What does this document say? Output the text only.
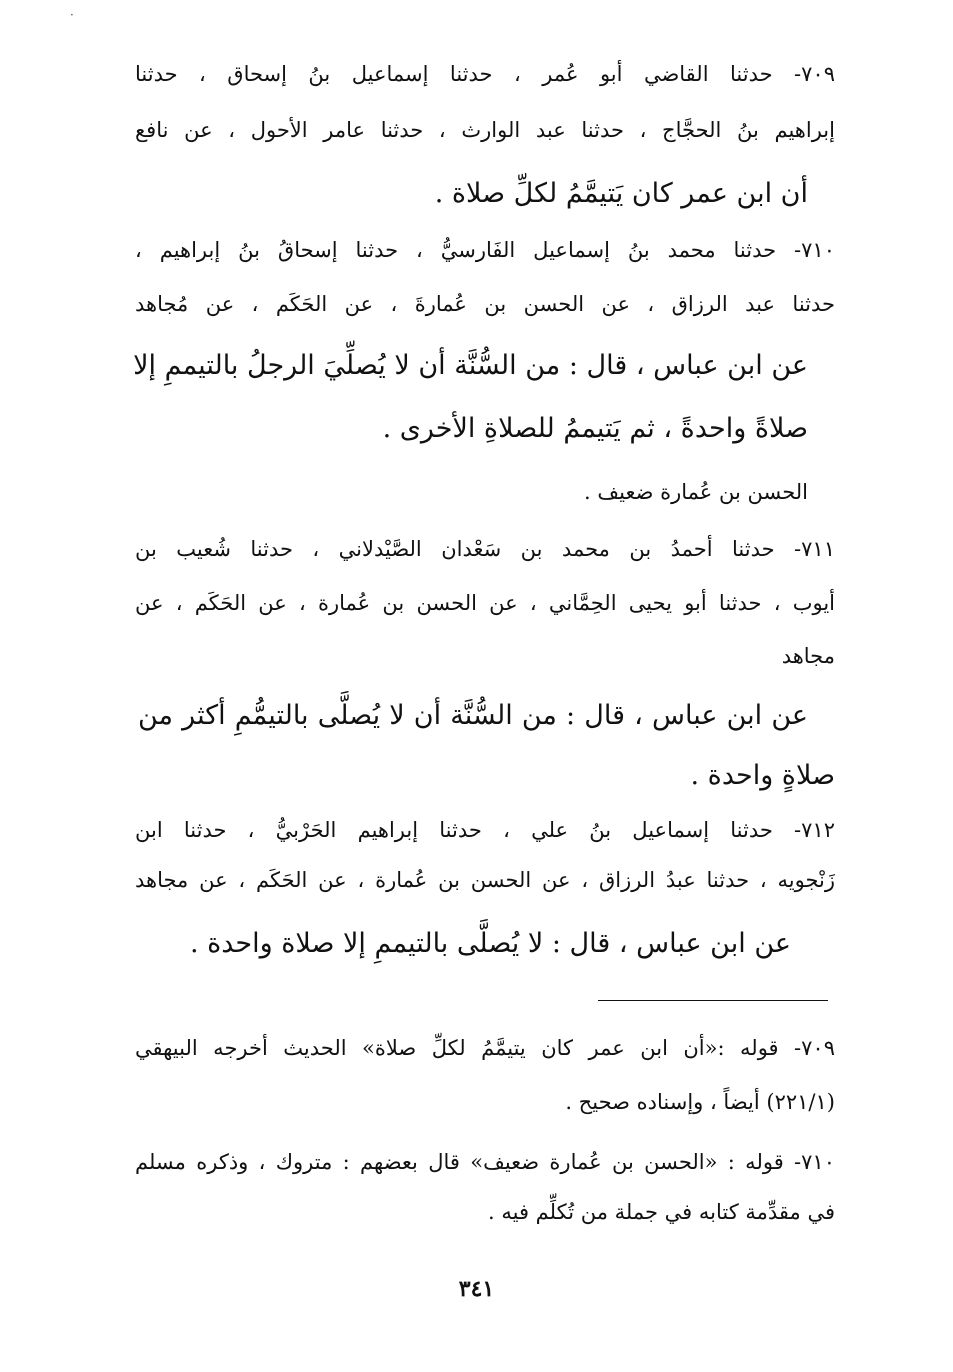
·
٧٠٩- حدثنا القاضي أبو عُمر ، حدثنا إسماعيل بنُ إسحاق ، حدثنا
إبراهيم بنُ الحجَّاج ، حدثنا عبد الوارث ، حدثنا عامر الأحول ، عن نافع
أن ابن عمر كان يَتيمَّمُ لكلِّ صلاة .
٧١٠- حدثنا محمد بنُ إسماعيل الفَارسيُّ ، حدثنا إسحاقُ بنُ إبراهيم ،
حدثنا عبد الرزاق ، عن الحسن بن عُمارةَ ، عن الحَكَم ، عن مُجاهد
عن ابن عباس ، قال : من السُّنَّة أن لا يُصلِّيَ الرجلُ بالتيممِ إلا
صلاةً واحدةً ، ثم يَتيممُ للصلاةِ الأخرى .
الحسن بن عُمارة ضعيف .
٧١١- حدثنا أحمدُ بن محمد بن سَعْدان الصَّيْدلاني ، حدثنا شُعيب بن
أيوب ، حدثنا أبو يحيى الحِمَّاني ، عن الحسن بن عُمارة ، عن الحَكَم ، عن
مجاهد
عن ابن عباس ، قال : من السُّنَّة أن لا يُصلَّى بالتيمُّمِ أكثر من
صلاةٍ واحدة .
٧١٢- حدثنا إسماعيل بنُ علي ، حدثنا إبراهيم الحَرْبيُّ ، حدثنا ابن
زَنْجويه ، حدثنا عبدُ الرزاق ، عن الحسن بن عُمارة ، عن الحَكَم ، عن مجاهد
عن ابن عباس ، قال : لا يُصلَّى بالتيممِ إلا صلاة واحدة .
٧٠٩- قوله :«أن ابن عمر كان يتيمَّمُ لكلِّ صلاة» الحديث أخرجه البيهقي
(٢٢١/١) أيضاً ، وإسناده صحيح .
٧١٠- قوله : «الحسن بن عُمارة ضعيف» قال بعضهم : متروك ، وذكره مسلم
في مقدِّمة كتابه في جملة من تُكلِّم فيه .
٣٤١
